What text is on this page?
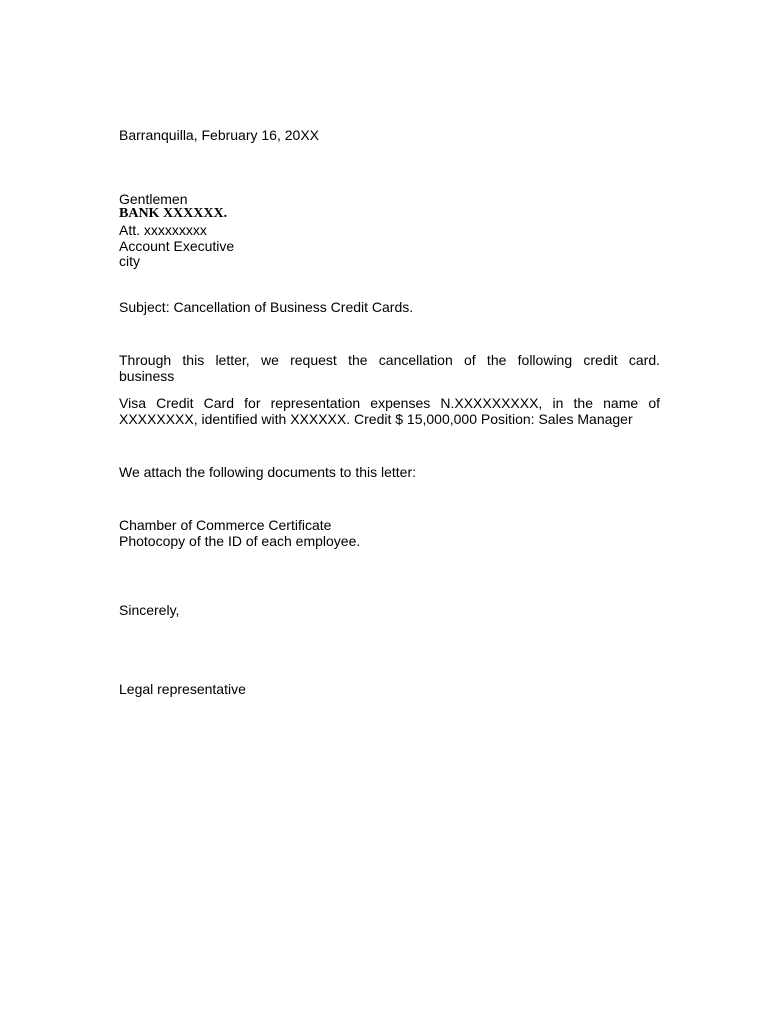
Barranquilla, February 16, 20XX
Gentlemen
BANK XXXXXX.
Att. xxxxxxxxx
Account Executive
city
Subject: Cancellation of Business Credit Cards.
Through this letter, we request the cancellation of the following credit card.
business
Visa Credit Card for representation expenses N.XXXXXXXXX, in the name of
XXXXXXXX, identified with XXXXXX. Credit $ 15,000,000 Position: Sales Manager
We attach the following documents to this letter:
Chamber of Commerce Certificate
Photocopy of the ID of each employee.
Sincerely,
Legal representative
